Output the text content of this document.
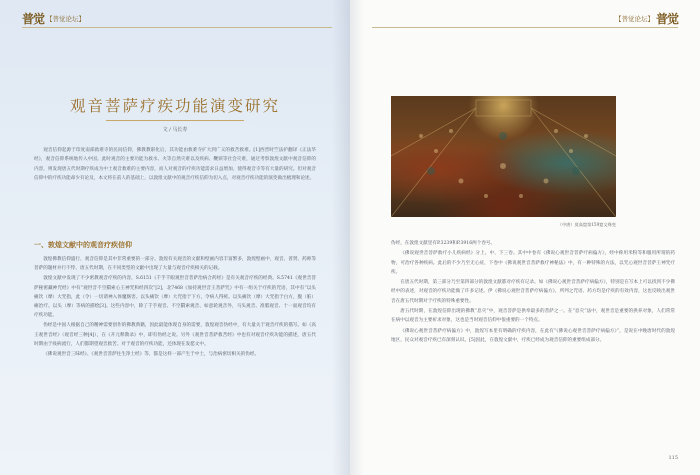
普觉 【普觉论坛】
观音菩萨疗疾功能演变研究
文 / 马长寿

观音信仰起源于印度南部救难寺的民间信仰，佛教教职化后，其功能由救难寺扩大到广义的救苦救难。[1]西晋时竺法护翻译《正法华经》，观音信仰系统地传入中国。此时观音的主要功能为救水、火等自然灾难以及疾病、鞭锁等社会灾难，通过考察敦煌文献中观音信仰的内容，则发现唐五代时期疗疾成为中土观音救难的主要内容，而人对观音的疗疾功能需求日益增加，使得观音寺等有大量的研究。但对观音信仰中的疗疾功能却少有论及，本文将在前人的基础上，以敦煌文献中的观音疗疾信仰为切入点，对观音疗疾功能的演变做出梳理和论述。

一、敦煌文献中的观音疗疾信仰

敦煌佛教信仰盛行，观音信仰是其中非常重要的一部分。敦煌有关观音的文献和壁画内容丰富繁多，敦煌壁画中，观音、普贤、药师等菩萨的题材并行不悖，唐五代时期，在不同类型的文献中出现了大量与观音疗疾相关的记载。

敦煌文献中发现了不少密教观音疗疾的内容，S.6151《千手千眼观世音菩萨治病合药经》是有关观音疗疾的经典。S.5741《观世音菩萨秘密藏神咒经》中有“观世音不空羂索心王神咒和经四次”[2]，北7468《加持观世音王菩萨咒》中有一组关于疗疾的咒语，其中有“以头痛饮（摩）大咒指，此（令）一切诸神入体魔肠害。以头痛饮（摩）大咒指于下方，令病人得瘥。以头痛饮（摩）大咒指于白方，腹（脏）痛治疗。以头（摩）等病的描绘[3]。这些内容中，除了千手观音、不空羂索观音、如意轮观音外，马头观音、准胝观音、十一面观音均有疗疾功能。

伪经是中国人根据自己的精神需要创作的佛教典籍，因此最能体现自身的需要，敦煌观音伪经中，有大量关于观音疗疾的描写。如《高王观世音经》（观音经三种[4]），在《开元释教录》中，即有伪经之说。另外《观世音菩萨救苦经》中也有对观音疗疾功能的描述，唐五代时期由于疫病流行，人们都期望观音救苦。对于观音的疗疾功能，还体现在发愿文中。

《佛说观世音三昧经》、《观世音菩萨往生净土经》等，都是这样一部产生于中土，与治病密切相关的伪经。

【普觉论坛】 普觉
（中唐）莫高窟第159窟文殊变

伪经，在敦煌文献里有P.3239和P.3916两个卷号。

《佛说观世音菩萨救疗小儿疾病经》分上、中、下三卷。其中中卷有《佛说心观世音菩萨疗病偏方》，经中称用米粉等和服用所谓的药物，可治疗各种疾病。此后的不少乃至无心症，下卷中《佛说观世音菩萨救疗神秘法》中，有一种特殊的方法，以咒心观世音菩萨王神咒疗疾。

在唐五代时期，第三部分乃至第四部分的敦煌文献都对疗疾有记录。如《佛说心观世音菩萨疗病偏方》，特别是在写本上可以找到不少佛经中的表述，对观音的疗疾功能做了许多记述。伊《佛说心观世音菩萨疗病偏方》，所列之咒语、药方均是疗疾的有效内容，这也反映出观世音在唐五代时期对于疗疾的特殊重要性。

唐五代时期，在敦煌信仰出现的佛教“息灾”中，观音菩萨是供奉最多的菩萨之一。在“息灾”法中，观世音是重要的供养对象，人们常常在病中以观音为主要祈求对象，这也是当时观音信仰中很重要的一个特点。

《佛说心观世音菩萨疗病偏方》中，敦煌写本里有明确的疗疾内容，在此有“《佛说心观世音菩萨疗病偏方》”，是说在中晚唐时代的敦煌地区，民众对观音疗疾已有深刻认识。[5]因此，在敦煌文献中，疗疾已经成为观音信仰的重要组成部分。

115
